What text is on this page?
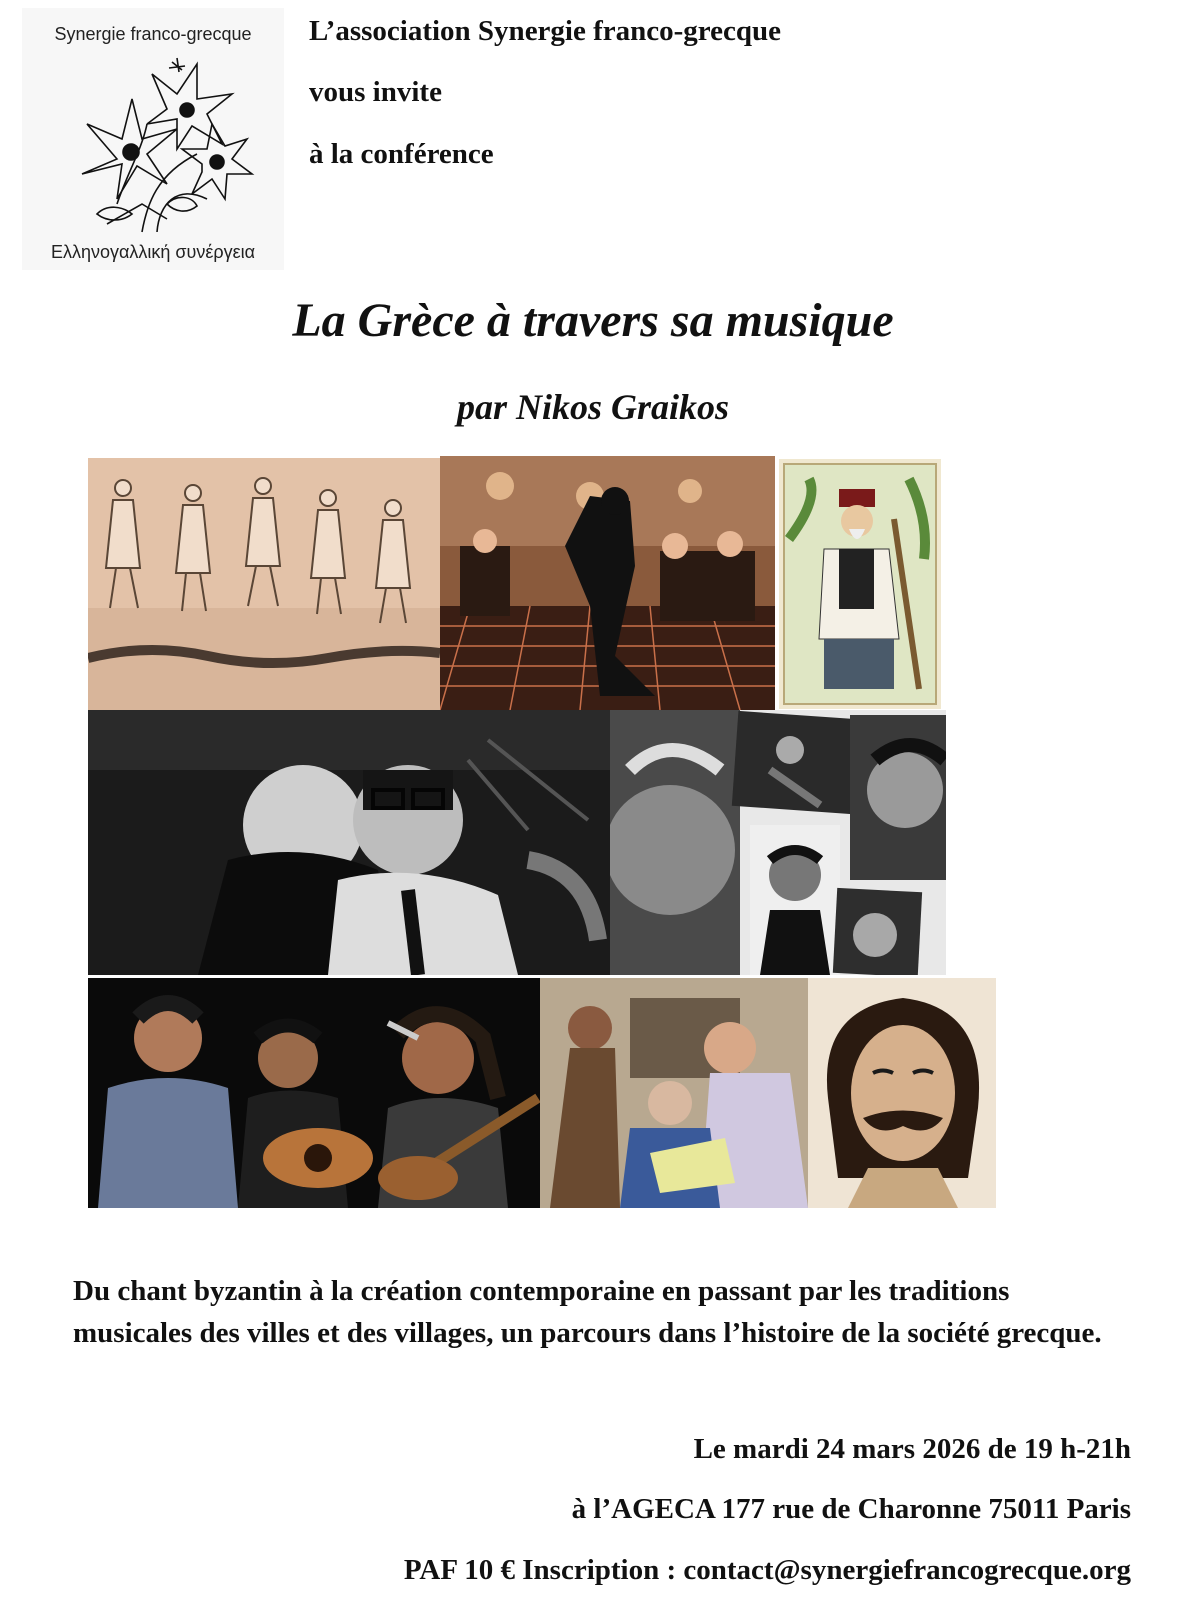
Synergie franco-grecque
Ελληνογαλλική συνέργεια
L’association Synergie franco-grecque
vous invite
à la conférence
La Grèce à travers sa musique
par Nikos Graikos
Du chant byzantin à la création contemporaine en passant par les traditions musicales des villes et des villages, un parcours dans l’histoire de la société grecque.
Le mardi 24 mars 2026 de 19 h-21h
à l’AGECA 177 rue de Charonne 75011 Paris
PAF 10 € Inscription : contact@synergiefrancogrecque.org
